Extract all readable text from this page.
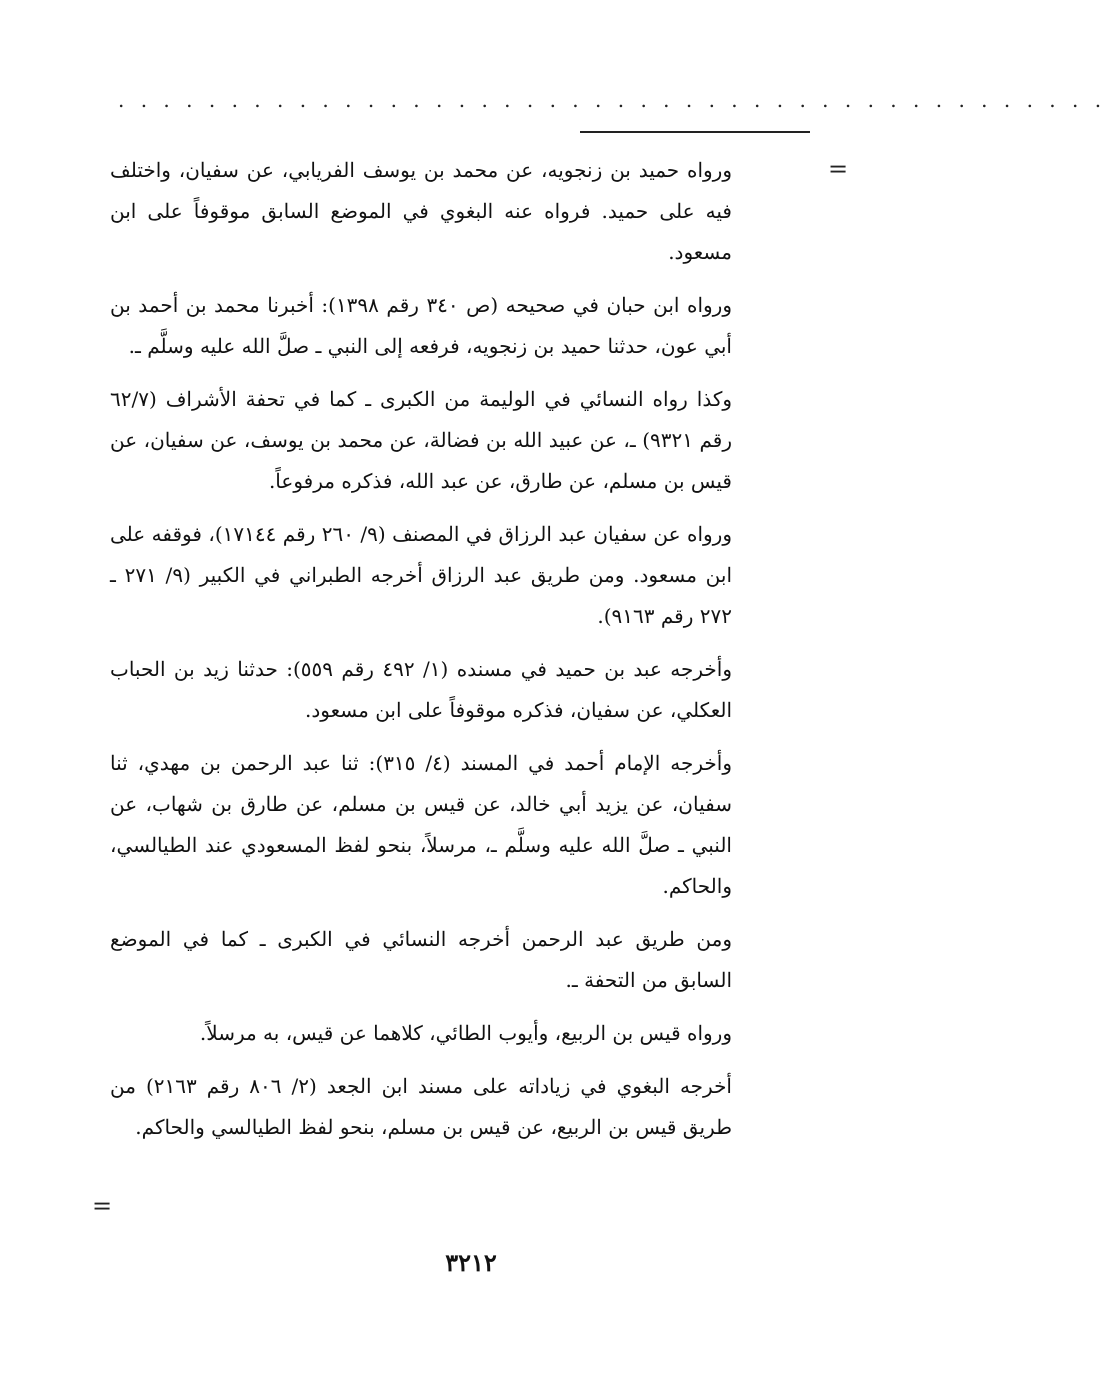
. . . . . . . . . . . . . . . . . . . . . . . . . . . . . . . . . . . . . . . . . . . .
=

ورواه حميد بن زنجويه، عن محمد بن يوسف الفريابي، عن سفيان، واختلف فيه على حميد. فرواه عنه البغوي في الموضع السابق موقوفاً على ابن مسعود.

ورواه ابن حبان في صحيحه (ص ٣٤٠ رقم ١٣٩٨): أخبرنا محمد بن أحمد بن أبي عون، حدثنا حميد بن زنجويه، فرفعه إلى النبي ـ صلَّ الله عليه وسلَّم ـ.

وكذا رواه النسائي في الوليمة من الكبرى ـ كما في تحفة الأشراف (٦٢/٧ رقم ٩٣٢١) ـ، عن عبيد الله بن فضالة، عن محمد بن يوسف، عن سفيان، عن قيس بن مسلم، عن طارق، عن عبد الله، فذكره مرفوعاً.

ورواه عن سفيان عبد الرزاق في المصنف (٩/ ٢٦٠ رقم ١٧١٤٤)، فوقفه على ابن مسعود. ومن طريق عبد الرزاق أخرجه الطبراني في الكبير (٩/ ٢٧١ ـ ٢٧٢ رقم ٩١٦٣).

وأخرجه عبد بن حميد في مسنده (١/ ٤٩٢ رقم ٥٥٩): حدثنا زيد بن الحباب العكلي، عن سفيان، فذكره موقوفاً على ابن مسعود.

وأخرجه الإمام أحمد في المسند (٤/ ٣١٥): ثنا عبد الرحمن بن مهدي، ثنا سفيان، عن يزيد أبي خالد، عن قيس بن مسلم، عن طارق بن شهاب، عن النبي ـ صلَّ الله عليه وسلَّم ـ، مرسلاً، بنحو لفظ المسعودي عند الطيالسي، والحاكم.

ومن طريق عبد الرحمن أخرجه النسائي في الكبرى ـ كما في الموضع السابق من التحفة ـ.

ورواه قيس بن الربيع، وأيوب الطائي، كلاهما عن قيس، به مرسلاً.

أخرجه البغوي في زياداته على مسند ابن الجعد (٢/ ٨٠٦ رقم ٢١٦٣) من طريق قيس بن الربيع، عن قيس بن مسلم، بنحو لفظ الطيالسي والحاكم.

=
٣٢١٢
